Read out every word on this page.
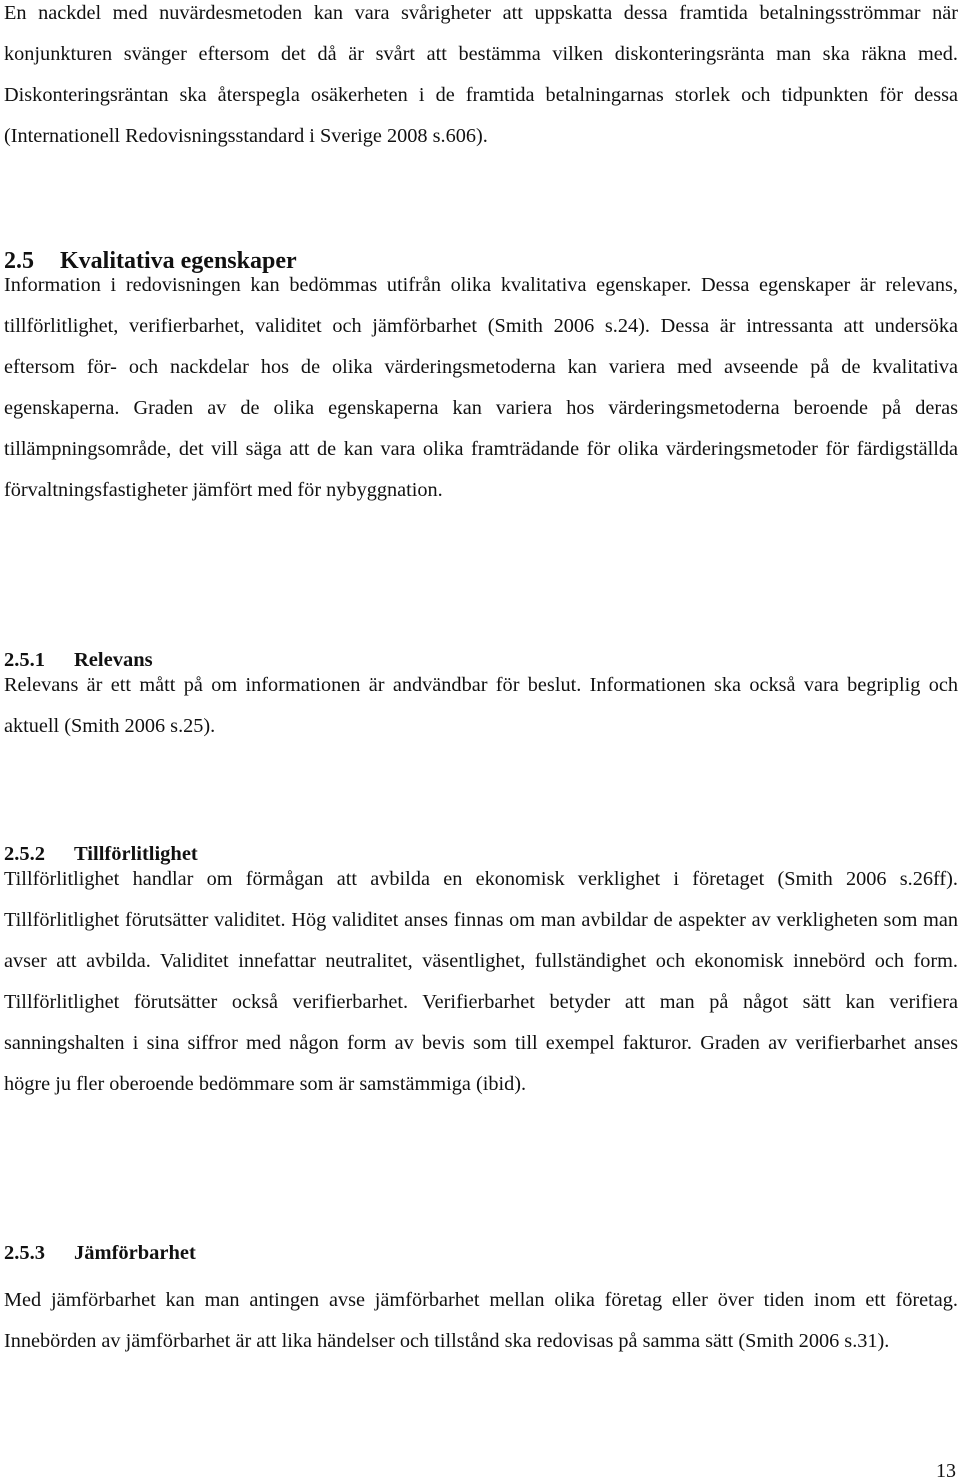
En nackdel med nuvärdesmetoden kan vara svårigheter att uppskatta dessa framtida betalningsströmmar när konjunkturen svänger eftersom det då är svårt att bestämma vilken diskonteringsränta man ska räkna med. Diskonteringsräntan ska återspegla osäkerheten i de framtida betalningarnas storlek och tidpunkten för dessa (Internationell Redovisningsstandard i Sverige 2008 s.606).

2.5 Kvalitativa egenskaper

Information i redovisningen kan bedömmas utifrån olika kvalitativa egenskaper. Dessa egenskaper är relevans, tillförlitlighet, verifierbarhet, validitet och jämförbarhet (Smith 2006 s.24). Dessa är intressanta att undersöka eftersom för- och nackdelar hos de olika värderingsmetoderna kan variera med avseende på de kvalitativa egenskaperna. Graden av de olika egenskaperna kan variera hos värderingsmetoderna beroende på deras tillämpningsområde, det vill säga att de kan vara olika framträdande för olika värderingsmetoder för färdigställda förvaltningsfastigheter jämfört med för nybyggnation.

2.5.1 Relevans

Relevans är ett mått på om informationen är andvändbar för beslut. Informationen ska också vara begriplig och aktuell (Smith 2006 s.25).

2.5.2 Tillförlitlighet

Tillförlitlighet handlar om förmågan att avbilda en ekonomisk verklighet i företaget (Smith 2006 s.26ff). Tillförlitlighet förutsätter validitet. Hög validitet anses finnas om man avbildar de aspekter av verkligheten som man avser att avbilda. Validitet innefattar neutralitet, väsentlighet, fullständighet och ekonomisk innebörd och form. Tillförlitlighet förutsätter också verifierbarhet. Verifierbarhet betyder att man på något sätt kan verifiera sanningshalten i sina siffror med någon form av bevis som till exempel fakturor. Graden av verifierbarhet anses högre ju fler oberoende bedömmare som är samstämmiga (ibid).

2.5.3 Jämförbarhet

Med jämförbarhet kan man antingen avse jämförbarhet mellan olika företag eller över tiden inom ett företag. Innebörden av jämförbarhet är att lika händelser och tillstånd ska redovisas på samma sätt (Smith 2006 s.31).

13
